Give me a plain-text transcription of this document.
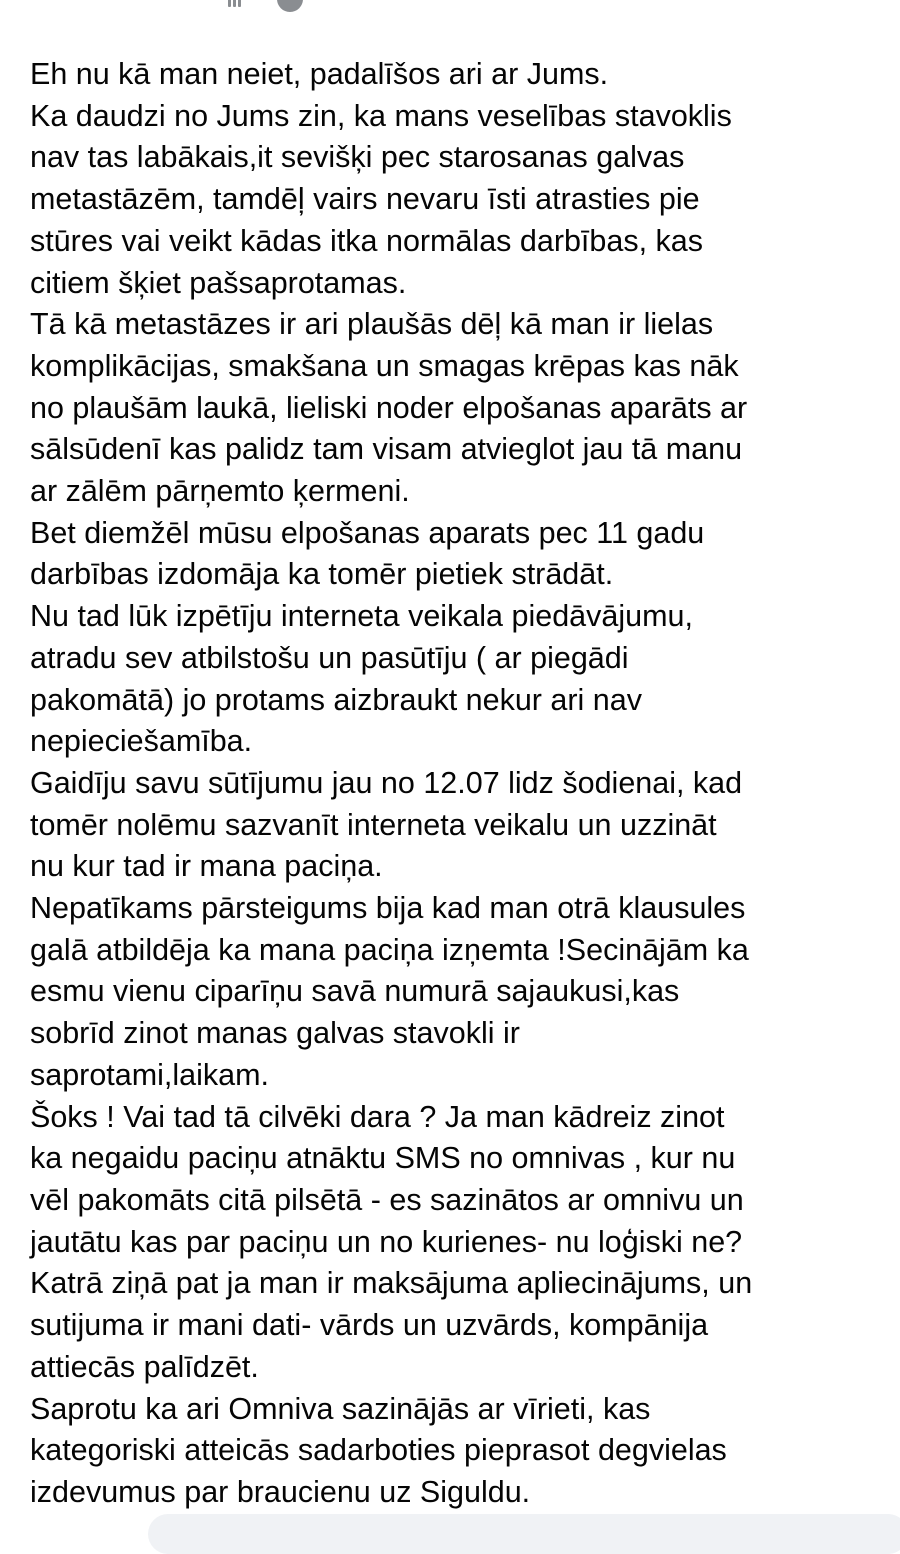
Eh nu kā man neiet, padalīšos ari ar Jums.
Ka daudzi no Jums zin, ka mans veselības stavoklis
nav tas labākais,it sevišķi pec starosanas galvas
metastāzēm, tamdēļ vairs nevaru īsti atrasties pie
stūres vai veikt kādas itka normālas darbības, kas
citiem šķiet pašsaprotamas.
Tā kā metastāzes ir ari plaušās dēļ kā man ir lielas
komplikācijas, smakšana un smagas krēpas kas nāk
no plaušām laukā, lieliski noder elpošanas aparāts ar
sālsūdenī kas palidz tam visam atvieglot jau tā manu
ar zālēm pārņemto ķermeni.
Bet diemžēl mūsu elpošanas aparats pec 11 gadu
darbības izdomāja ka tomēr pietiek strādāt.
Nu tad lūk izpētīju interneta veikala piedāvājumu,
atradu sev atbilstošu un pasūtīju ( ar piegādi
pakomātā) jo protams aizbraukt nekur ari nav
nepieciešamība.
Gaidīju savu sūtījumu jau no 12.07 lidz šodienai, kad
tomēr nolēmu sazvanīt interneta veikalu un uzzināt
nu kur tad ir mana paciņa.
Nepatīkams pārsteigums bija kad man otrā klausules
galā atbildēja ka mana paciņa izņemta !Secinājām ka
esmu vienu ciparīņu savā numurā sajaukusi,kas
sobrīd zinot manas galvas stavokli ir
saprotami,laikam.
Šoks ! Vai tad tā cilvēki dara ? Ja man kādreiz zinot
ka negaidu paciņu atnāktu SMS no omnivas , kur nu
vēl pakomāts citā pilsētā - es sazinātos ar omnivu un
jautātu kas par paciņu un no kurienes- nu loģiski ne?
Katrā ziņā pat ja man ir maksājuma apliecinājums, un
sutijuma ir mani dati- vārds un uzvārds, kompānija
attiecās palīdzēt.
Saprotu ka ari Omniva sazinājās ar vīrieti, kas
kategoriski atteicās sadarboties pieprasot degvielas
izdevumus par braucienu uz Siguldu.
